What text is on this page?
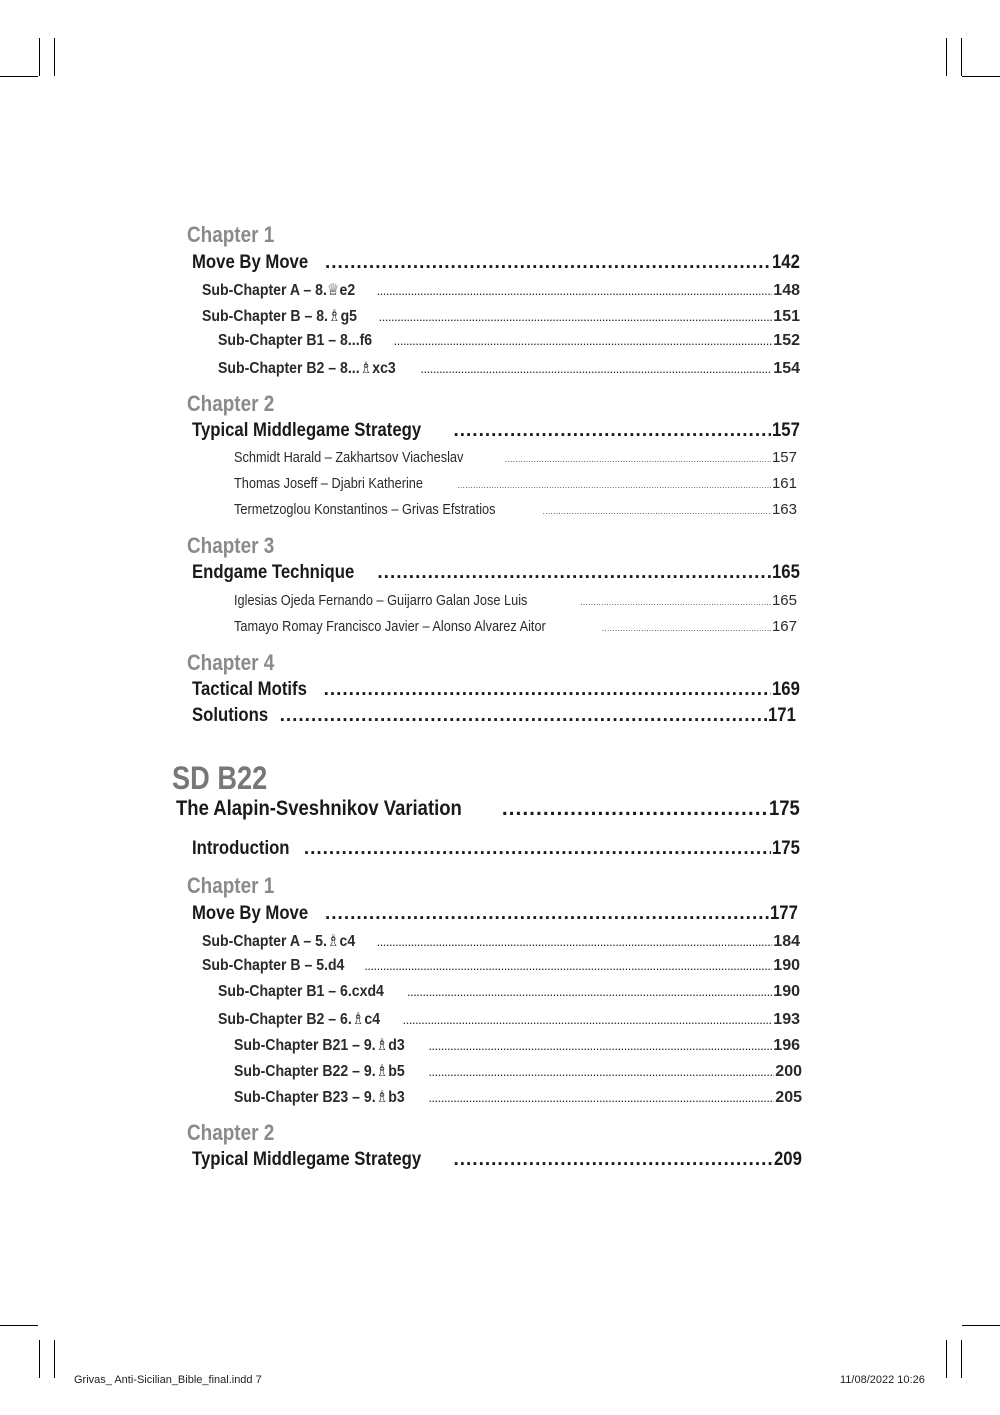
Chapter 1
Move By Move .....	142
Sub-Chapter A – 8.♕e2 .....	148
Sub-Chapter B – 8.♗g5 .....	151
Sub-Chapter B1 – 8...f6 .....	152
Sub-Chapter B2 – 8...♗xc3 .....	154
Chapter 2
Typical Middlegame Strategy .....	157
Schmidt Harald – Zakhartsov Viacheslav .....	157
Thomas Joseff – Djabri Katherine .....	161
Termetzoglou Konstantinos – Grivas Efstratios .....	163
Chapter 3
Endgame Technique .....	165
Iglesias Ojeda Fernando – Guijarro Galan Jose Luis .....	165
Tamayo Romay Francisco Javier – Alonso Alvarez Aitor .....	167
Chapter 4
Tactical Motifs .....	169
Solutions .....	171
SD B22
The Alapin-Sveshnikov Variation .....	175
Introduction .....	175
Chapter 1
Move By Move .....	177
Sub-Chapter A – 5.♗c4 .....	184
Sub-Chapter B – 5.d4 .....	190
Sub-Chapter B1 – 6.cxd4 .....	190
Sub-Chapter B2 – 6.♗c4 .....	193
Sub-Chapter B21 – 9.♗d3 .....	196
Sub-Chapter B22 – 9.♗b5 .....	200
Sub-Chapter B23 – 9.♗b3 .....	205
Chapter 2
Typical Middlegame Strategy .....	209
Grivas_ Anti-Sicilian_Bible_final.indd 7	11/08/2022 10:26
